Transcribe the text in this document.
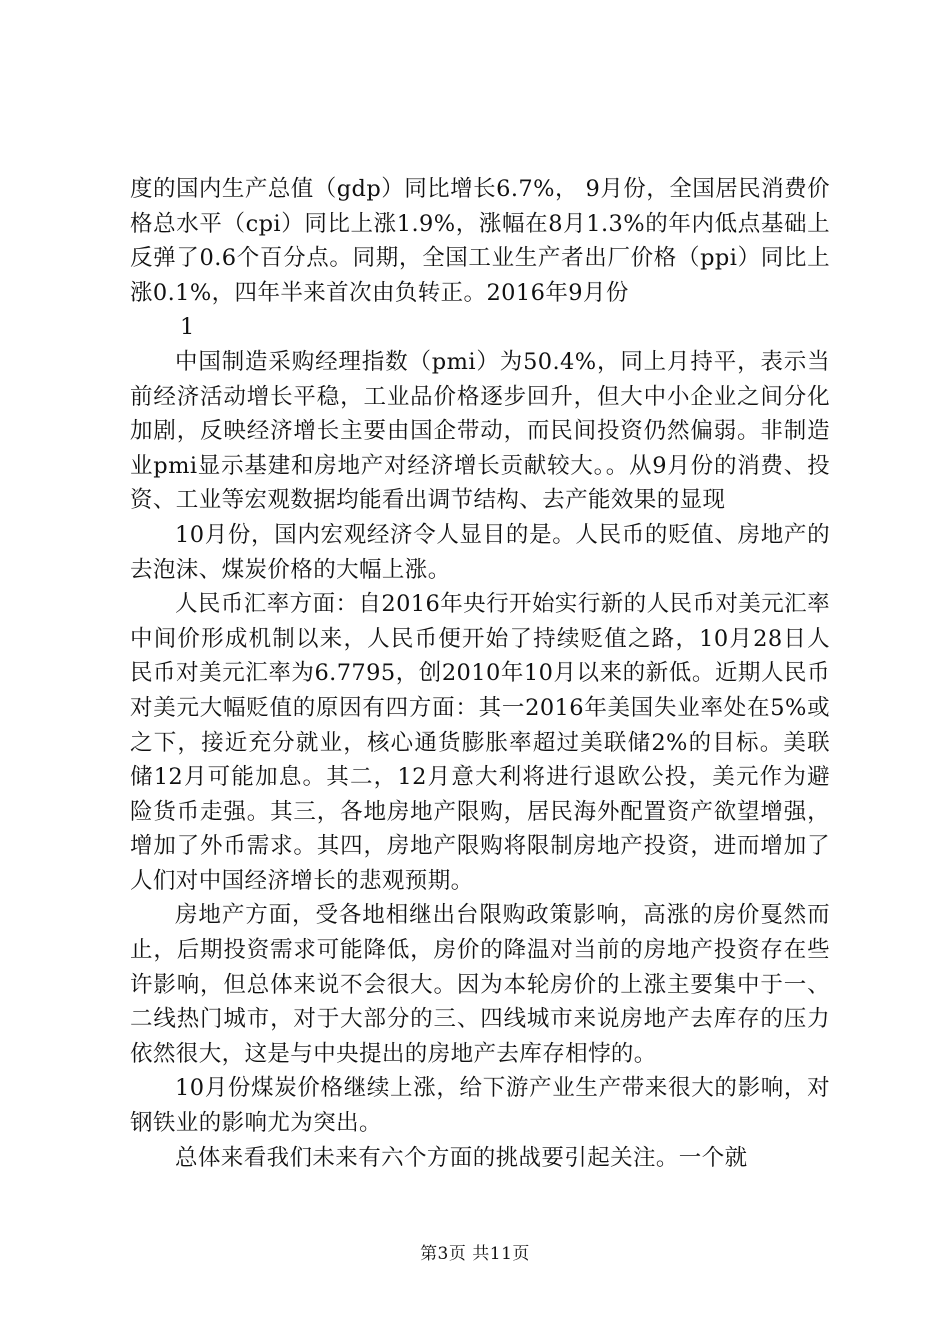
度的国内生产总值（gdp）同比增长6.7%， 9月份，全国居民消费价格总水平（cpi）同比上涨1.9%，涨幅在8月1.3%的年内低点基础上反弹了0.6个百分点。同期，全国工业生产者出厂价格（ppi）同比上涨0.1%，四年半来首次由负转正。2016年9月份

1

中国制造采购经理指数（pmi）为50.4%，同上月持平，表示当前经济活动增长平稳，工业品价格逐步回升，但大中小企业之间分化加剧，反映经济增长主要由国企带动，而民间投资仍然偏弱。非制造业pmi显示基建和房地产对经济增长贡献较大。。从9月份的消费、投资、工业等宏观数据均能看出调节结构、去产能效果的显现

10月份，国内宏观经济令人显目的是。人民币的贬值、房地产的去泡沫、煤炭价格的大幅上涨。

人民币汇率方面：自2016年央行开始实行新的人民币对美元汇率中间价形成机制以来，人民币便开始了持续贬值之路，10月28日人民币对美元汇率为6.7795，创2010年10月以来的新低。近期人民币对美元大幅贬值的原因有四方面：其一2016年美国失业率处在5%或之下，接近充分就业，核心通货膨胀率超过美联储2%的目标。美联储12月可能加息。其二，12月意大利将进行退欧公投，美元作为避险货币走强。其三，各地房地产限购，居民海外配置资产欲望增强，增加了外币需求。其四，房地产限购将限制房地产投资，进而增加了人们对中国经济增长的悲观预期。

房地产方面，受各地相继出台限购政策影响，高涨的房价戛然而止，后期投资需求可能降低，房价的降温对当前的房地产投资存在些许影响，但总体来说不会很大。因为本轮房价的上涨主要集中于一、二线热门城市，对于大部分的三、四线城市来说房地产去库存的压力依然很大，这是与中央提出的房地产去库存相悖的。

10月份煤炭价格继续上涨，给下游产业生产带来很大的影响，对钢铁业的影响尤为突出。

总体来看我们未来有六个方面的挑战要引起关注。一个就

第3页 共11页
